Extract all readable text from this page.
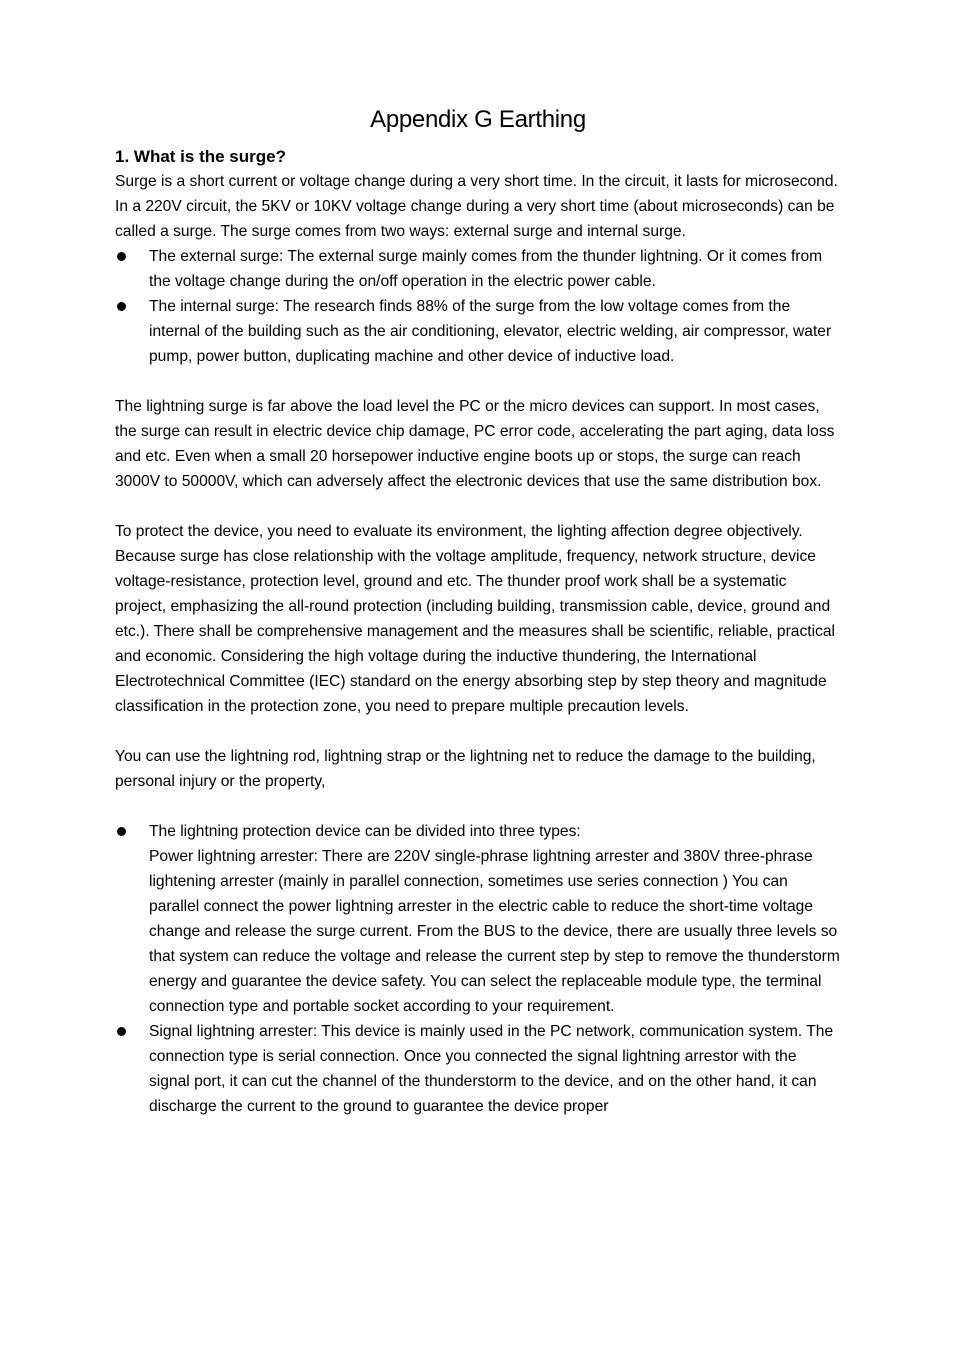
Appendix G Earthing
1. What is the surge?

Surge is a short current or voltage change during a very short time. In the circuit, it lasts for microsecond. In a 220V circuit, the 5KV or 10KV voltage change during a very short time (about microseconds) can be called a surge. The surge comes from two ways: external surge and internal surge.

The external surge: The external surge mainly comes from the thunder lightning. Or it comes from the voltage change during the on/off operation in the electric power cable.
The internal surge: The research finds 88% of the surge from the low voltage comes from the internal of the building such as the air conditioning, elevator, electric welding, air compressor, water pump, power button, duplicating machine and other device of inductive load.

The lightning surge is far above the load level the PC or the micro devices can support. In most cases, the surge can result in electric device chip damage, PC error code, accelerating the part aging, data loss and etc. Even when a small 20 horsepower inductive engine boots up or stops, the surge can reach 3000V to 50000V, which can adversely affect the electronic devices that use the same distribution box.

To protect the device, you need to evaluate its environment, the lighting affection degree objectively. Because surge has close relationship with the voltage amplitude, frequency, network structure, device voltage-resistance, protection level, ground and etc. The thunder proof work shall be a systematic project, emphasizing the all-round protection (including building, transmission cable, device, ground and etc.). There shall be comprehensive management and the measures shall be scientific, reliable, practical and economic. Considering the high voltage during the inductive thundering, the International Electrotechnical Committee (IEC) standard on the energy absorbing step by step theory and magnitude classification in the protection zone, you need to prepare multiple precaution levels.

You can use the lightning rod, lightning strap or the lightning net to reduce the damage to the building, personal injury or the property,

The lightning protection device can be divided into three types:
Power lightning arrester: There are 220V single-phrase lightning arrester and 380V three-phrase lightening arrester (mainly in parallel connection, sometimes use series connection ) You can parallel connect the power lightning arrester in the electric cable to reduce the short-time voltage change and release the surge current. From the BUS to the device, there are usually three levels so that system can reduce the voltage and release the current step by step to remove the thunderstorm energy and guarantee the device safety. You can select the replaceable module type, the terminal connection type and portable socket according to your requirement.
Signal lightning arrester: This device is mainly used in the PC network, communication system. The connection type is serial connection. Once you connected the signal lightning arrestor with the signal port, it can cut the channel of the thunderstorm to the device, and on the other hand, it can discharge the current to the ground to guarantee the device proper
